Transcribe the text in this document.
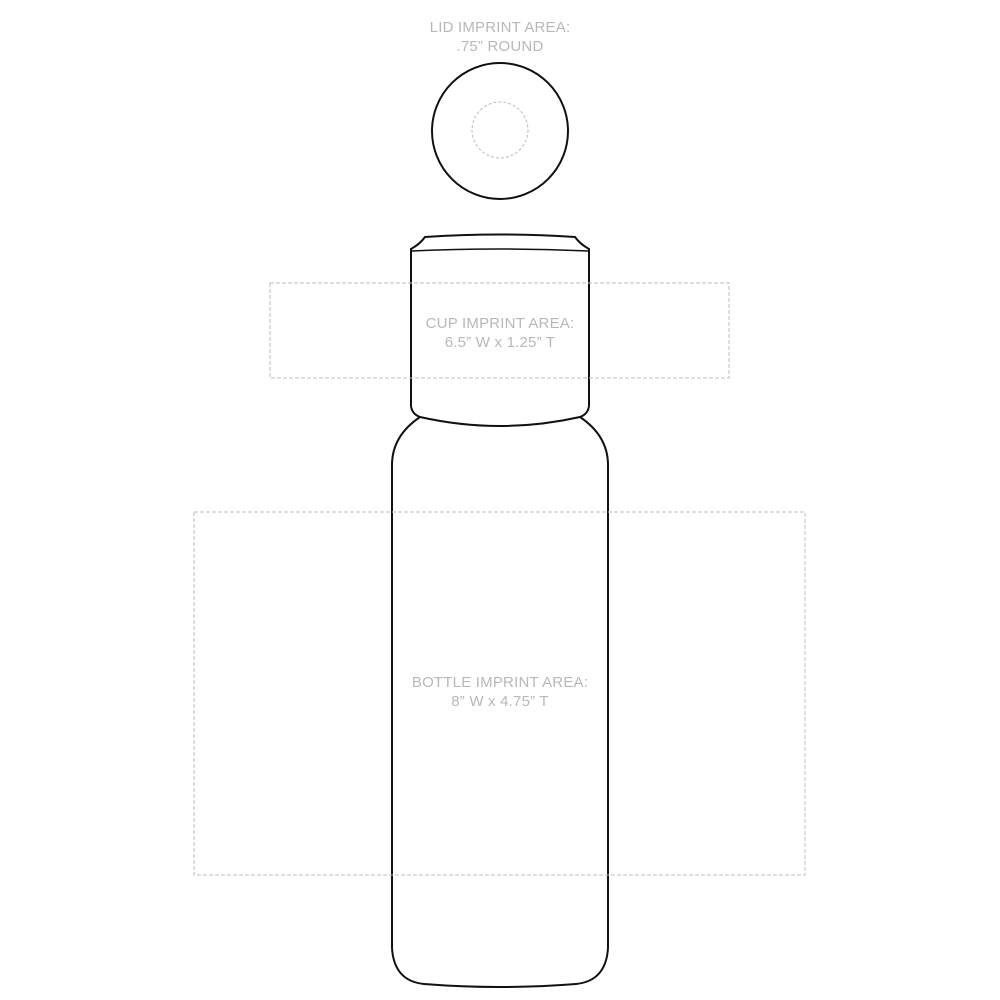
LID IMPRINT AREA:
.75” ROUND
CUP IMPRINT AREA:
6.5” W x 1.25” T
BOTTLE IMPRINT AREA:
8” W x 4.75” T
